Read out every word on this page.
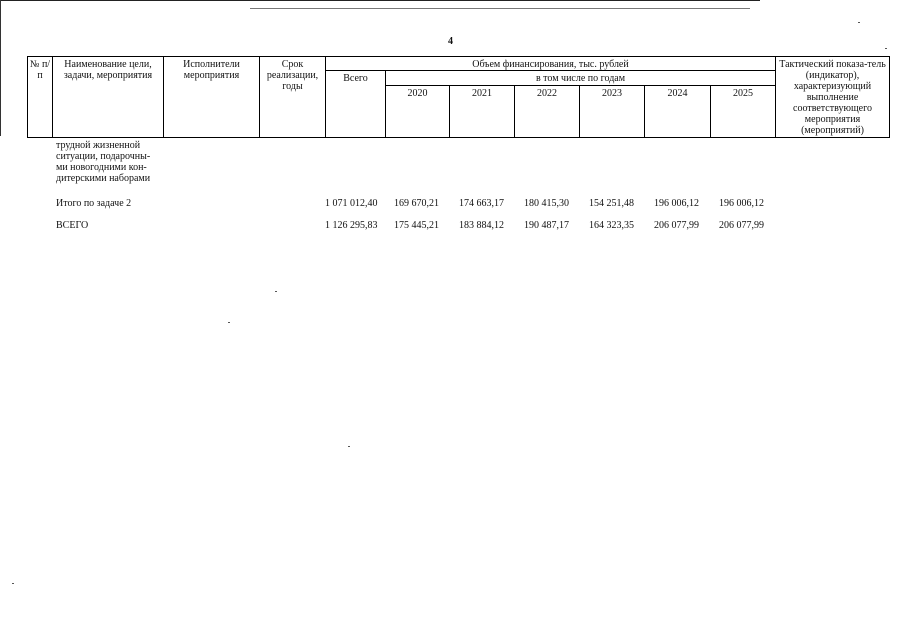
4
№ п/п
Наименование цели, задачи, мероприятия
Исполнители мероприятия
Срок реализации, годы
Объем финансирования, тыс. рублей
Всего	в том числе по годам
2020	2021	2022	2023	2024	2025
Тактический показа-тель (индикатор), характеризующий выполнение соответствующего мероприятия (мероприятий)
трудной жизненной ситуации, подарочны-ми новогодними кон-дитерскими наборами
Итого по задаче 2	1 071 012,40 169 670,21 174 663,17 180 415,30 154 251,48 196 006,12 196 006,12
ВСЕГО	1 126 295,83 175 445,21 183 884,12 190 487,17 164 323,35 206 077,99 206 077,99
